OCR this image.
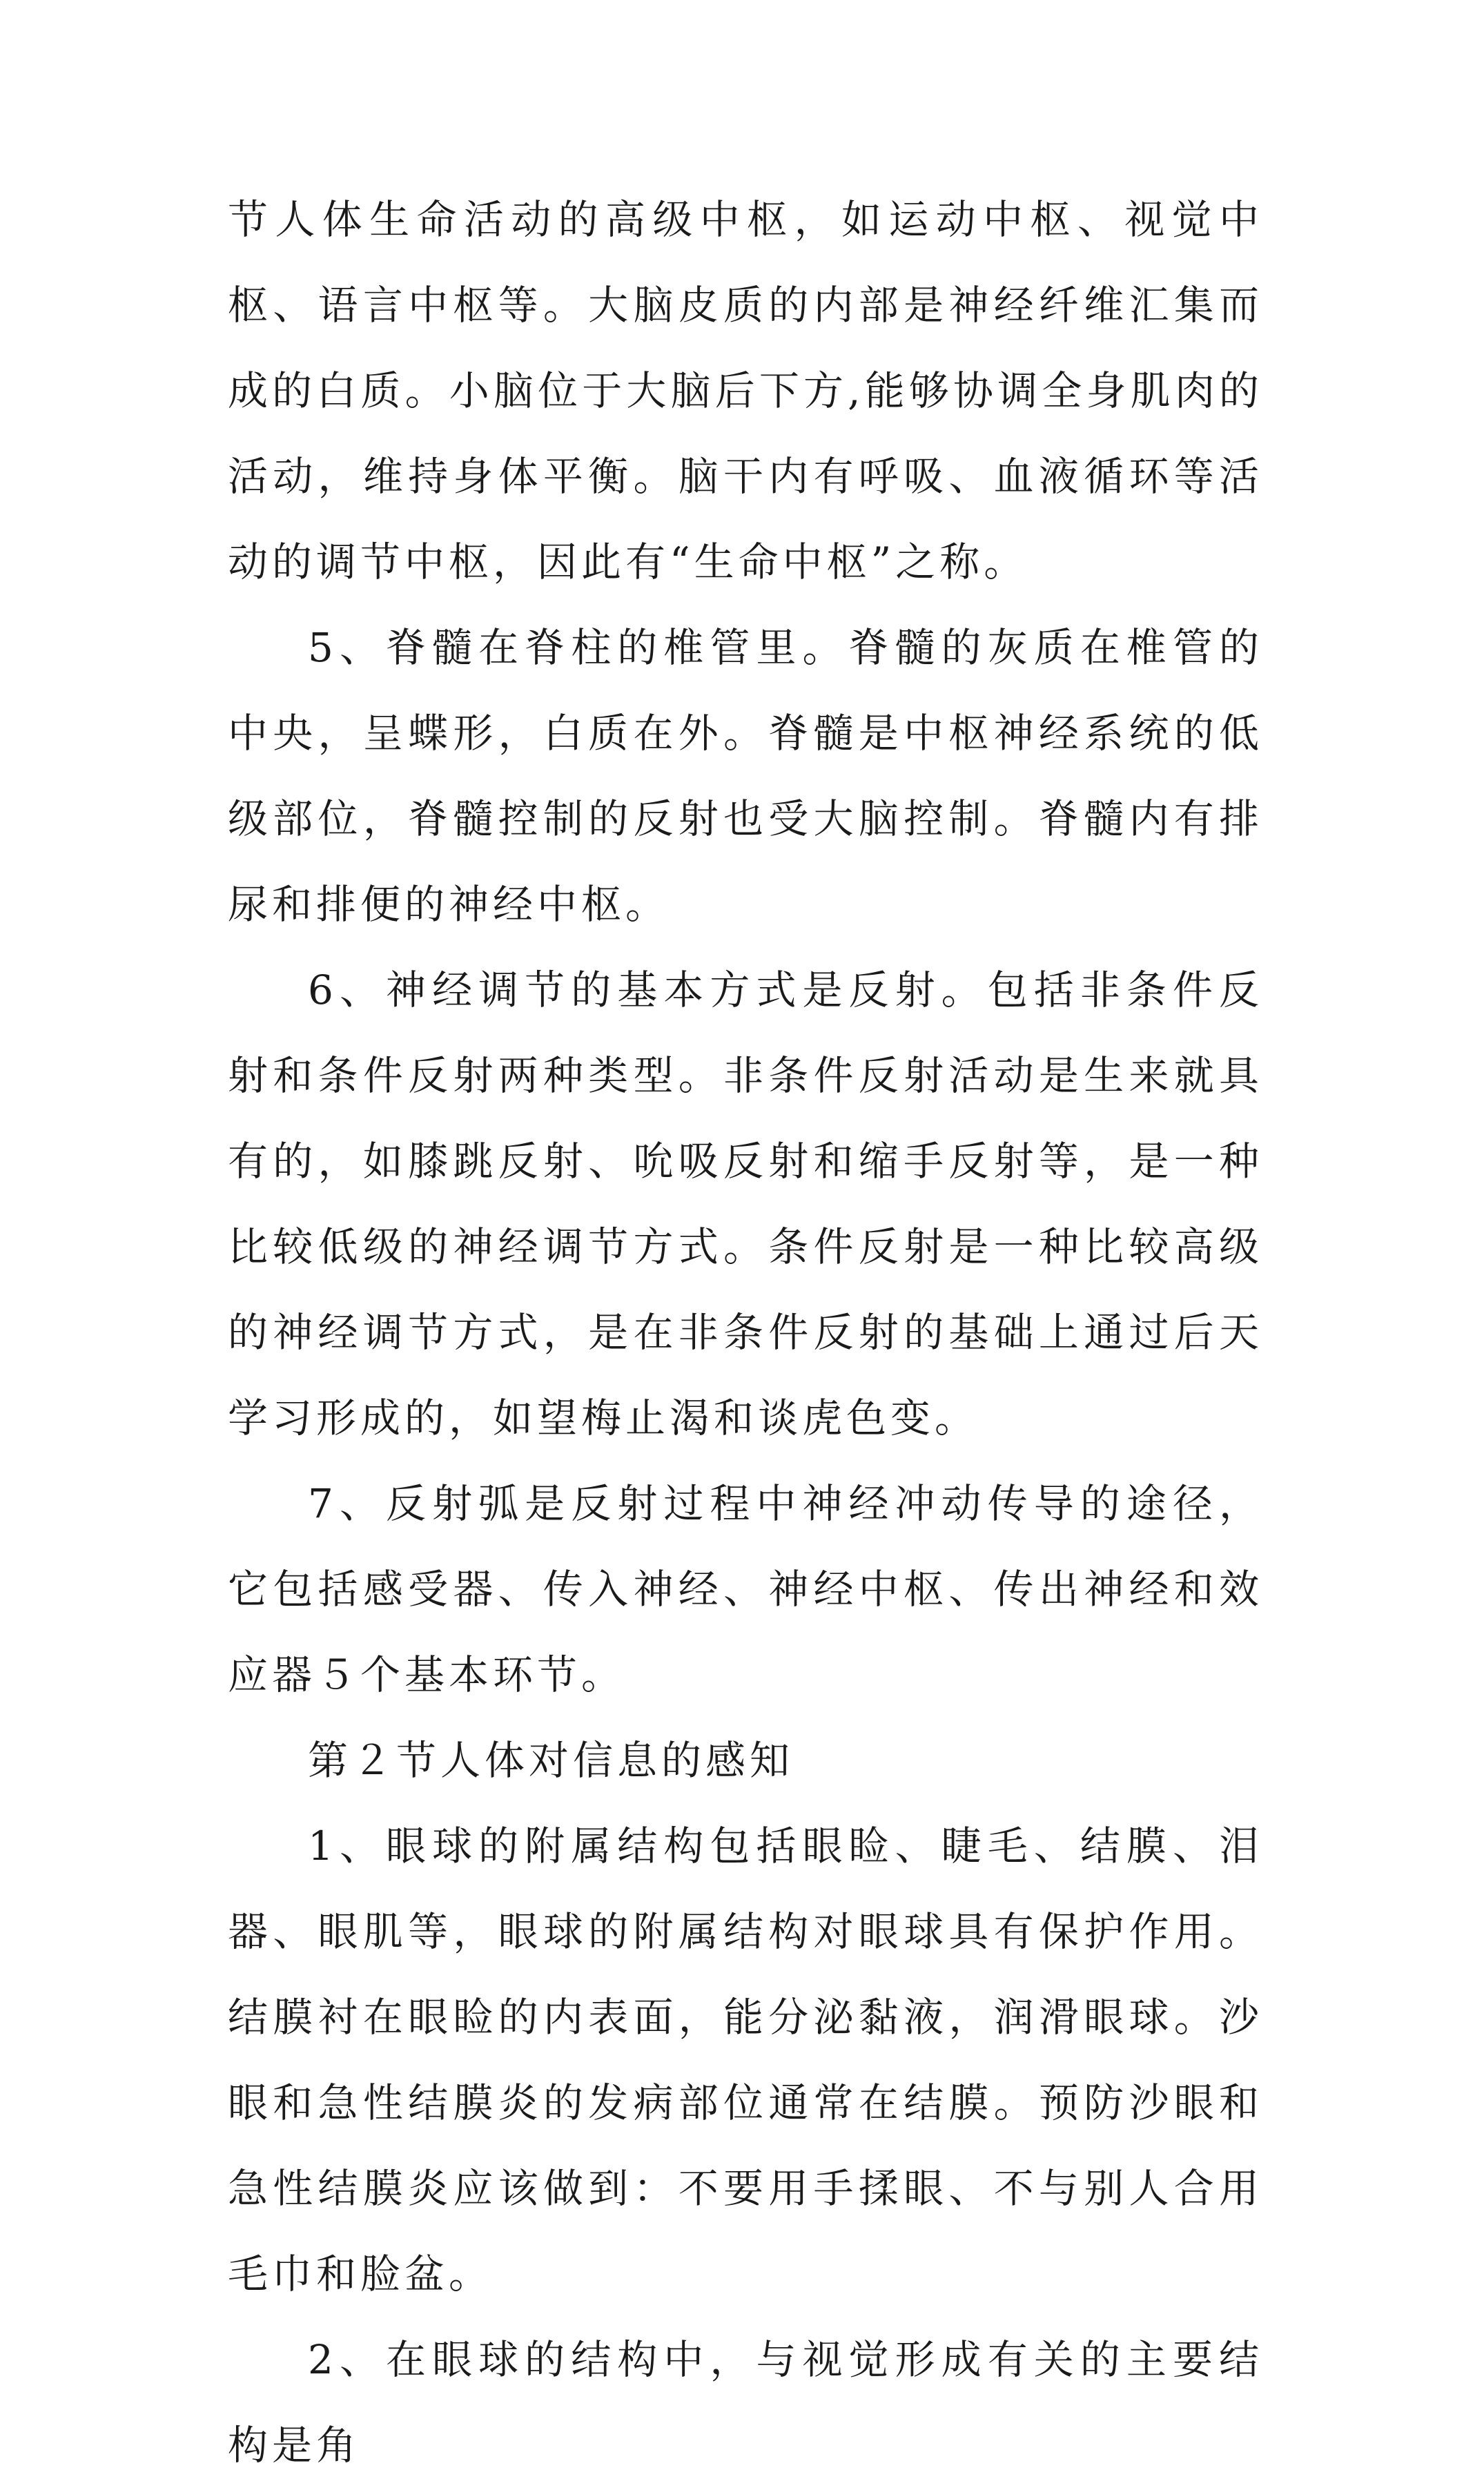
节人体生命活动的高级中枢，如运动中枢、视觉中枢、语言中枢等。大脑皮质的内部是神经纤维汇集而成的白质。小脑位于大脑后下方,能够协调全身肌肉的活动，维持身体平衡。脑干内有呼吸、血液循环等活动的调节中枢，因此有“生命中枢”之称。

5、脊髓在脊柱的椎管里。脊髓的灰质在椎管的中央，呈蝶形，白质在外。脊髓是中枢神经系统的低级部位，脊髓控制的反射也受大脑控制。脊髓内有排尿和排便的神经中枢。

6、神经调节的基本方式是反射。包括非条件反射和条件反射两种类型。非条件反射活动是生来就具有的，如膝跳反射、吮吸反射和缩手反射等，是一种比较低级的神经调节方式。条件反射是一种比较高级的神经调节方式，是在非条件反射的基础上通过后天学习形成的，如望梅止渴和谈虎色变。

7、反射弧是反射过程中神经冲动传导的途径，它包括感受器、传入神经、神经中枢、传出神经和效应器５个基本环节。

第２节人体对信息的感知

1、眼球的附属结构包括眼睑、睫毛、结膜、泪器、眼肌等，眼球的附属结构对眼球具有保护作用。结膜衬在眼睑的内表面，能分泌黏液，润滑眼球。沙眼和急性结膜炎的发病部位通常在结膜。预防沙眼和急性结膜炎应该做到：不要用手揉眼、不与别人合用毛巾和脸盆。

2、在眼球的结构中，与视觉形成有关的主要结构是角
